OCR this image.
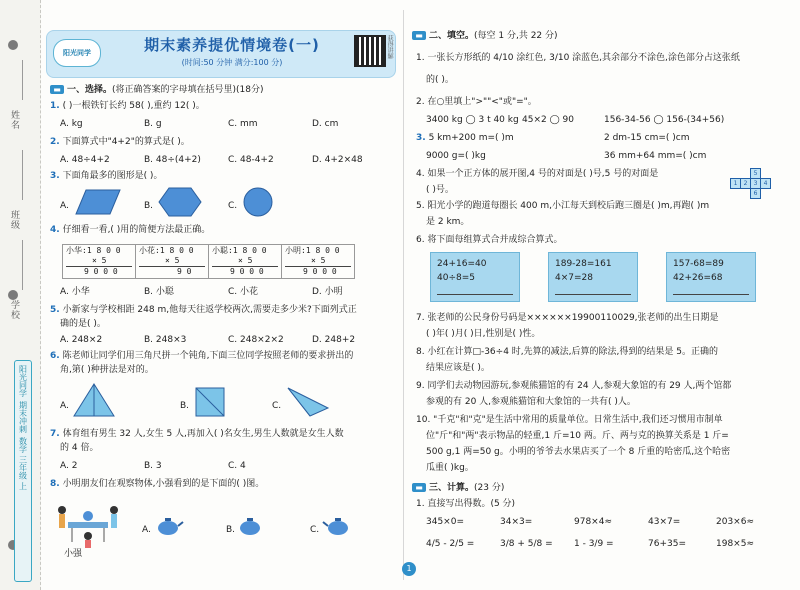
姓名
班级
学校
阳光同学
期末冲刺
数学 三年级 上
阳光同学	期末素养提优情境卷(一)
(时间:50 分钟 满分:100 分)
获得讲解
▬ 一、选择。(将正确答案的字母填在括号里)(18分)
1. ( )一根铁钉长约 58( ),重约 12( )。
A. kg	B. g	C. mm	D. cm
2. 下面算式中"4+2"的算式是( )。
A. 48÷4+2	B. 48÷(4+2)	C. 48-4+2	D. 4+2×48
3. 下面角最多的图形是( )。
A.	B.	C.
4. 仔细看一看,( )用的简便方法最正确。
小华:1 8 0 0
× 5
9 0 0 0	小花:1 8 0 0
× 5
9 0	小聪:1 8 0 0
× 5
9 0 0 0	小明:1 8 0 0
× 5
9 0 0 0
A. 小华	B. 小聪	C. 小花	D. 小明
5. 小新家与学校相距 248 m,他每天往返学校两次,需要走多少米?下面列式正
确的是( )。
A. 248×2	B. 248×3	C. 248×2×2	D. 248+2
6. 陈老师让同学们用三角尺拼一个钝角,下面三位同学按照老师的要求拼出的
角,第( )种拼法是对的。
A.	B.	C.
7. 体育组有男生 32 人,女生 5 人,再加入( )名女生,男生人数就是女生人数
的 4 倍。
A. 2	B. 3	C. 4
8. 小明朋友们在观察物体,小强看到的是下面的( )图。
小强
A.	B.	C.
▬ 二、填空。(每空 1 分,共 22 分)
1. 一张长方形纸的 4/10 涂红色, 3/10 涂蓝色,其余部分不涂色,涂色部分占这张纸
的( )。
2. 在○里填上">""<"或"="。
3400 kg ◯ 3 t 40 kg 45×2 ◯ 90	156-34-56 ◯ 156-(34+56)
3. 5 km+200 m=( )m	2 dm-15 cm=( )cm
9000 g=( )kg	36 mm+64 mm=( )cm
4. 如果一个正方体的展开图,4 号的对面是( )号,5 号的对面是
( )号。
5. 阳光小学的跑道每圈长 400 m,小江每天到校后跑三圈是( )m,再跑( )m
是 2 km。
6. 将下面每组算式合并成综合算式。
24+16=40
40÷8=5
189-28=161
4×7=28
157-68=89
42+26=68
7. 张老师的公民身份号码是××××××19900110029,张老师的出生日期是
( )年( )月( )日,性别是( )性。
8. 小红在计算□-36÷4 时,先算的减法,后算的除法,得到的结果是 5。正确的
结果应该是( )。
9. 同学们去动物园游玩,参观熊猫馆的有 24 人,参观大象馆的有 29 人,两个馆都
参观的有 20 人,参观熊猫馆和大象馆的一共有( )人。
10. "千克"和"克"是生活中常用的质量单位。日常生活中,我们还习惯用市制单
位"斤"和"两"表示物品的轻重,1 斤=10 两。斤、两与克的换算关系是 1 斤=
500 g,1 两=50 g。小明的爷爷去水果店买了一个 8 斤重的哈密瓜,这个哈密
瓜重( )kg。
▬ 三、计算。(23 分)
1. 直接写出得数。(5 分)
345×0=	34×3=	978×4≈	43×7=	203×6≈
4/5 - 2/5 =	3/8 + 5/8 = 1 - 3/9 =	76+35=	198×5≈
1	2	3	4
5
6
1
